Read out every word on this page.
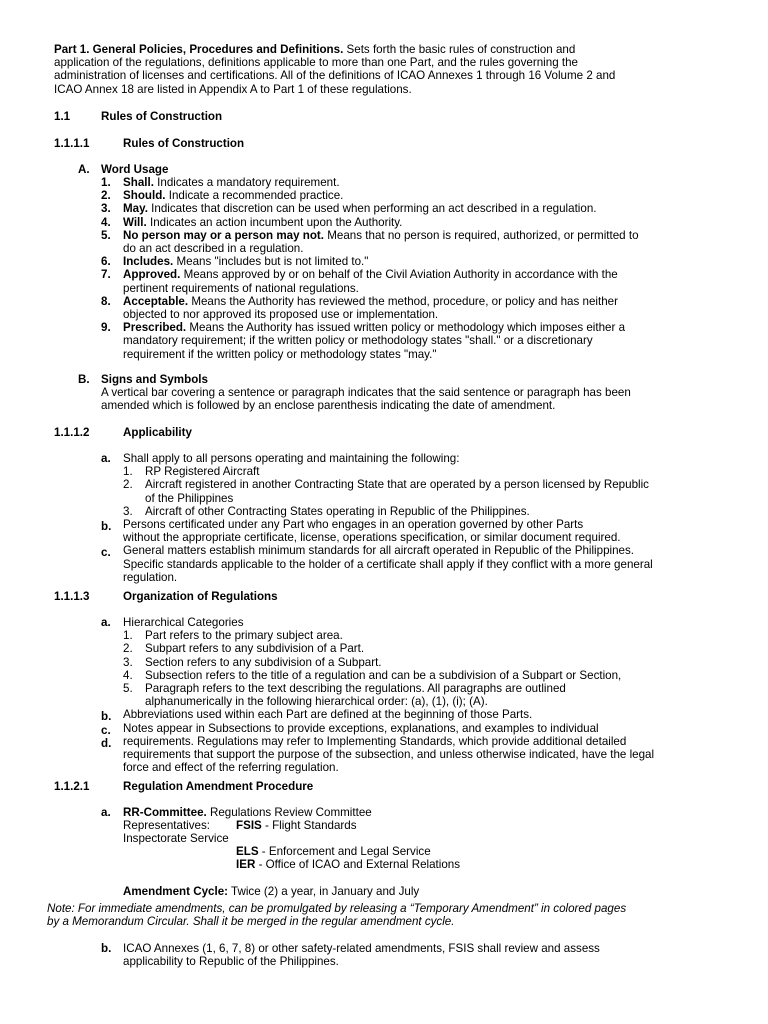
Part 1. General Policies, Procedures and Definitions. Sets forth the basic rules of construction and
application of the regulations, definitions applicable to more than one Part, and the rules governing the
administration of licenses and certifications. All of the definitions of ICAO Annexes 1 through 16 Volume 2 and
ICAO Annex 18 are listed in Appendix A to Part 1 of these regulations.
1.1	Rules of Construction
1.1.1.1	Rules of Construction
A. Word Usage
1. Shall. Indicates a mandatory requirement.
2. Should. Indicate a recommended practice.
3. May. Indicates that discretion can be used when performing an act described in a regulation.
4. Will. Indicates an action incumbent upon the Authority.
5. No person may or a person may not. Means that no person is required, authorized, or permitted to
do an act described in a regulation.
6. Includes. Means "includes but is not limited to."
7. Approved. Means approved by or on behalf of the Civil Aviation Authority in accordance with the
pertinent requirements of national regulations.
8. Acceptable. Means the Authority has reviewed the method, procedure, or policy and has neither
objected to nor approved its proposed use or implementation.
9. Prescribed. Means the Authority has issued written policy or methodology which imposes either a
mandatory requirement; if the written policy or methodology states "shall." or a discretionary
requirement if the written policy or methodology states "may."
B. Signs and Symbols
A vertical bar covering a sentence or paragraph indicates that the said sentence or paragraph has been
amended which is followed by an enclose parenthesis indicating the date of amendment.
1.1.1.2	Applicability
a. Shall apply to all persons operating and maintaining the following:
1. RP Registered Aircraft
2. Aircraft registered in another Contracting State that are operated by a person licensed by Republic
of the Philippines
3. Aircraft of other Contracting States operating in Republic of the Philippines.
b. Persons certificated under any Part who engages in an operation governed by other Parts
without the appropriate certificate, license, operations specification, or similar document required.
c. General matters establish minimum standards for all aircraft operated in Republic of the Philippines.
Specific standards applicable to the holder of a certificate shall apply if they conflict with a more general
regulation.
1.1.1.3	Organization of Regulations
a. Hierarchical Categories
1. Part refers to the primary subject area.
2. Subpart refers to any subdivision of a Part.
3. Section refers to any subdivision of a Subpart.
4. Subsection refers to the title of a regulation and can be a subdivision of a Subpart or Section,
5. Paragraph refers to the text describing the regulations. All paragraphs are outlined
alphanumerically in the following hierarchical order: (a), (1), (i); (A).
b. Abbreviations used within each Part are defined at the beginning of those Parts.
c. Notes appear in Subsections to provide exceptions, explanations, and examples to individual
d. requirements. Regulations may refer to Implementing Standards, which provide additional detailed
requirements that support the purpose of the subsection, and unless otherwise indicated, have the legal
force and effect of the referring regulation.
1.1.2.1	Regulation Amendment Procedure
a. RR-Committee. Regulations Review Committee
Representatives: FSIS - Flight Standards
Inspectorate Service
ELS - Enforcement and Legal Service
IER - Office of ICAO and External Relations
Amendment Cycle: Twice (2) a year, in January and July
Note: For immediate amendments, can be promulgated by releasing a “Temporary Amendment” in colored pages
by a Memorandum Circular. Shall it be merged in the regular amendment cycle.
b. ICAO Annexes (1, 6, 7, 8) or other safety-related amendments, FSIS shall review and assess
applicability to Republic of the Philippines.
